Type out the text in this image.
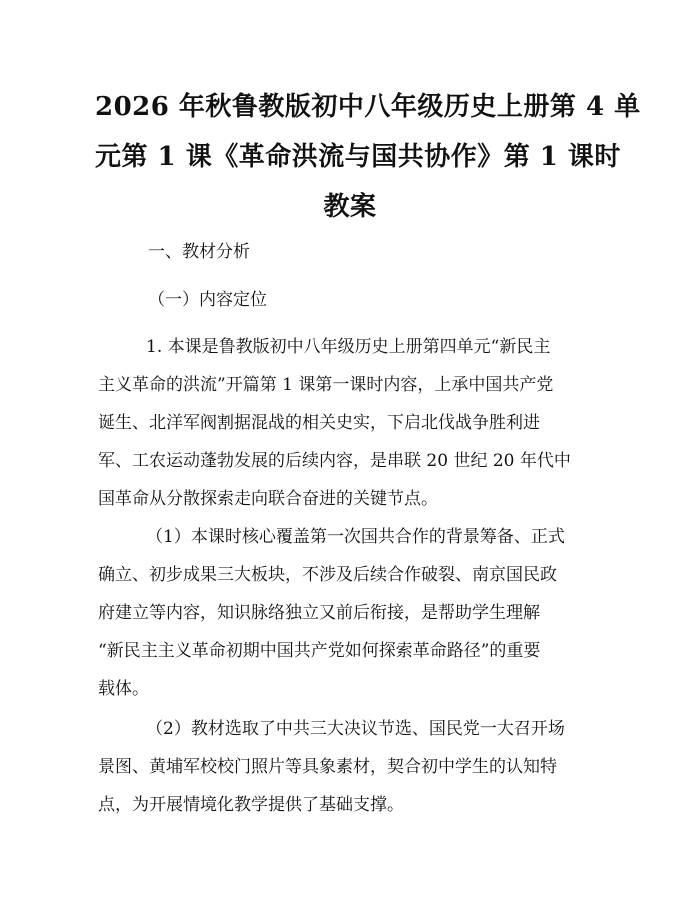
2026 年秋鲁教版初中八年级历史上册第 4 单
元第 1 课《革命洪流与国共协作》第 1 课时
教案

一、教材分析

（一）内容定位

1. 本课是鲁教版初中八年级历史上册第四单元“新民主
主义革命的洪流”开篇第 1 课第一课时内容，上承中国共产党
诞生、北洋军阀割据混战的相关史实，下启北伐战争胜利进
军、工农运动蓬勃发展的后续内容，是串联 20 世纪 20 年代中
国革命从分散探索走向联合奋进的关键节点。
（1）本课时核心覆盖第一次国共合作的背景筹备、正式
确立、初步成果三大板块，不涉及后续合作破裂、南京国民政
府建立等内容，知识脉络独立又前后衔接，是帮助学生理解
“新民主主义革命初期中国共产党如何探索革命路径”的重要
载体。
（2）教材选取了中共三大决议节选、国民党一大召开场
景图、黄埔军校校门照片等具象素材，契合初中学生的认知特
点，为开展情境化教学提供了基础支撑。
